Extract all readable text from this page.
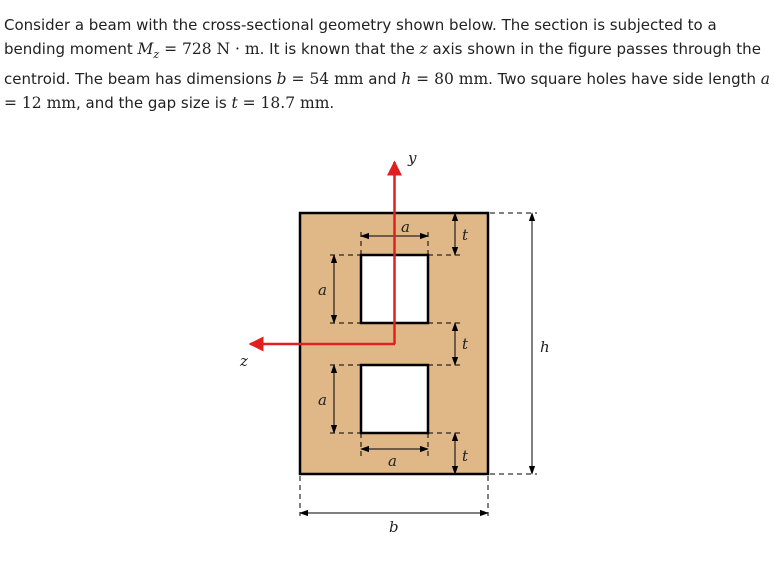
Consider a beam with the cross-sectional geometry shown below. The section is subjected to a bending moment $M_z = 728$ N · m. It is known that the z axis shown in the figure passes through the centroid. The beam has dimensions b = 54 mm and h = 80 mm. Two square holes have side length a = 12 mm, and the gap size is t = 18.7 mm.

y
z
a
a
a
a
t
t
t
h
b
